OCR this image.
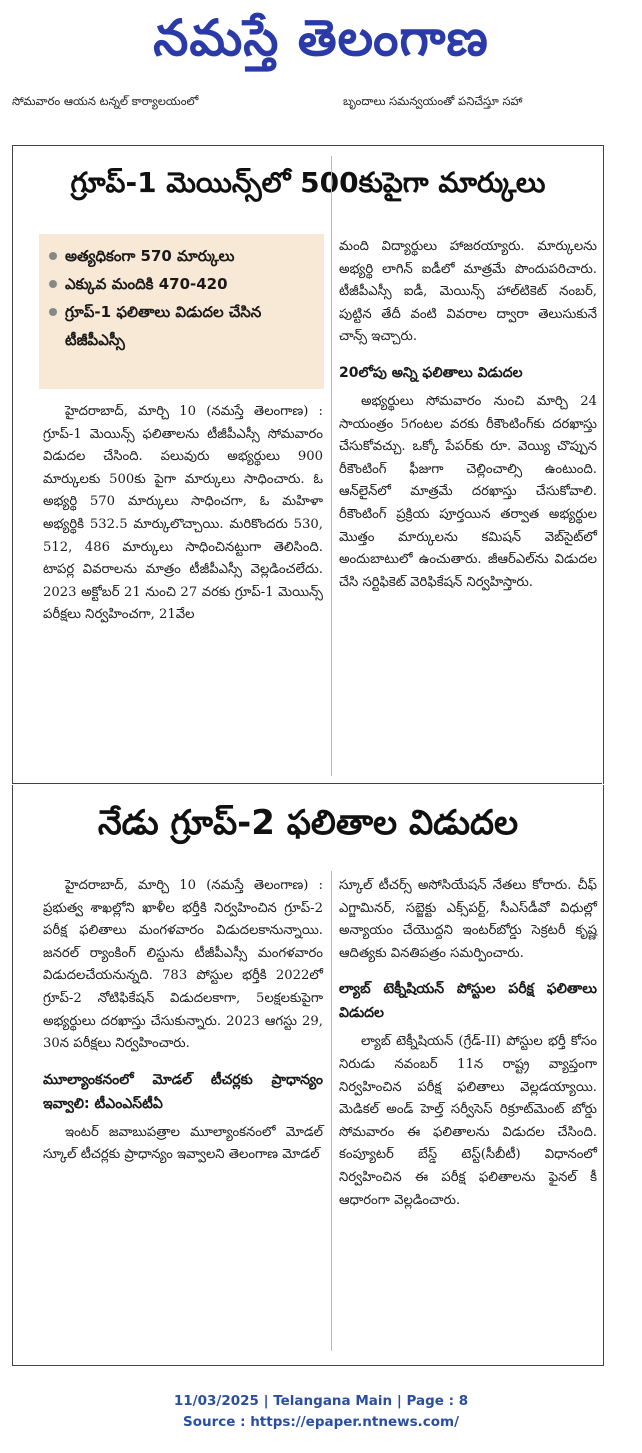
నమస్తే తెలంగాణ
సోమవారం ఆయన టన్నల్ కార్యాలయంలో	బృందాలు సమన్వయంతో పనిచేస్తూ సహా
గ్రూప్-1 మెయిన్స్‌లో 500కుపైగా మార్కులు
అత్యధికంగా 570 మార్కులు
ఎక్కువ మందికి 470-420
గ్రూప్-1 ఫలితాలు విడుదల చేసిన టీజీపీఎస్సీ

హైదరాబాద్, మార్చి 10 (నమస్తే తెలంగాణ) : గ్రూప్-1 మెయిన్స్ ఫలితాలను టీజీపీఎస్సీ సోమవారం విడుదల చేసింది. పలువురు అభ్యర్థులు 900 మార్కులకు 500కు పైగా మార్కులు సాధించారు. ఓ అభ్యర్థి 570 మార్కులు సాధించగా, ఓ మహిళా అభ్యర్థికి 532.5 మార్కులొచ్చాయి. మరికొందరు 530, 512, 486 మార్కులు సాధించినట్టుగా తెలిసింది. టాపర్ల వివరాలను మాత్రం టీజీపీఎస్సీ వెల్లడించలేదు. 2023 అక్టోబర్ 21 నుంచి 27 వరకు గ్రూప్-1 మెయిన్స్ పరీక్షలు నిర్వహించగా, 21వేల

మంది విద్యార్థులు హాజరయ్యారు. మార్కులను అభ్యర్థి లాగిన్ ఐడీలో మాత్రమే పొందుపరిచారు. టీజీపీఎస్సీ ఐడీ, మెయిన్స్ హాల్‌టికెట్ నంబర్, పుట్టిన తేదీ వంటి వివరాల ద్వారా తెలుసుకునే చాన్స్ ఇచ్చారు.

20లోపు అన్ని ఫలితాలు విడుదల

అభ్యర్థులు సోమవారం నుంచి మార్చి 24 సాయంత్రం 5గంటల వరకు రీకౌంటింగ్‌కు దరఖాస్తు చేసుకోవచ్చు. ఒక్కో పేపర్‌కు రూ. వెయ్యి చొప్పున రీకౌంటింగ్ ఫీజుగా చెల్లించాల్సి ఉంటుంది. ఆన్‌లైన్‌లో మాత్రమే దరఖాస్తు చేసుకోవాలి. రీకౌంటింగ్ ప్రక్రియ పూర్తయిన తర్వాత అభ్యర్థుల మొత్తం మార్కులను కమిషన్ వెబ్‌సైట్‌లో అందుబాటులో ఉంచుతారు. జీఆర్ఎల్‌ను విడుదల చేసి సర్టిఫికెట్ వెరిఫికేషన్ నిర్వహిస్తారు.

నేడు గ్రూప్-2 ఫలితాల విడుదల

హైదరాబాద్, మార్చి 10 (నమస్తే తెలంగాణ) : ప్రభుత్వ శాఖల్లోని ఖాళీల భర్తీకి నిర్వహించిన గ్రూప్-2 పరీక్ష ఫలితాలు మంగళవారం విడుదలకానున్నాయి. జనరల్ ర్యాంకింగ్ లిస్టును టీజీపీఎస్సీ మంగళవారం విడుదలచేయనున్నది. 783 పోస్టుల భర్తీకి 2022లో గ్రూప్-2 నోటిఫికేషన్ విడుదలకాగా, 5లక్షలకుపైగా అభ్యర్థులు దరఖాస్తు చేసుకున్నారు. 2023 ఆగస్టు 29, 30న పరీక్షలు నిర్వహించారు.

మూల్యాంకనంలో మోడల్ టీచర్లకు ప్రాధాన్యం ఇవ్వాలి: టీఎంఎస్‌టీఏ

ఇంటర్ జవాబుపత్రాల మూల్యాంకనంలో మోడల్ స్కూల్ టీచర్లకు ప్రాధాన్యం ఇవ్వాలని తెలంగాణ మోడల్

స్కూల్ టీచర్స్ అసోసియేషన్ నేతలు కోరారు. చీఫ్ ఎగ్జామినర్, సబ్జెక్టు ఎక్స్‌పర్ట్, సీఎస్‌డీవో విధుల్లో అన్యాయం చేయొద్దని ఇంటర్‌బోర్డు సెక్రటరీ కృష్ణ ఆదిత్యకు వినతిపత్రం సమర్పించారు.

ల్యాబ్ టెక్నీషియన్ పోస్టుల పరీక్ష ఫలితాలు విడుదల

ల్యాబ్ టెక్నీషియన్ (గ్రేడ్-II) పోస్టుల భర్తీ కోసం నిరుడు నవంబర్ 11న రాష్ట్ర వ్యాప్తంగా నిర్వహించిన పరీక్ష ఫలితాలు వెల్లడయ్యాయి. మెడికల్ అండ్ హెల్త్ సర్వీసెస్ రిక్రూట్‌మెంట్ బోర్డు సోమవారం ఈ ఫలితాలను విడుదల చేసింది. కంప్యూటర్ బేస్డ్ టెస్ట్(సీబీటీ) విధానంలో నిర్వహించిన ఈ పరీక్ష ఫలితాలను ఫైనల్ కీ ఆధారంగా వెల్లడించారు.

11/03/2025 | Telangana Main | Page : 8
Source : https://epaper.ntnews.com/
